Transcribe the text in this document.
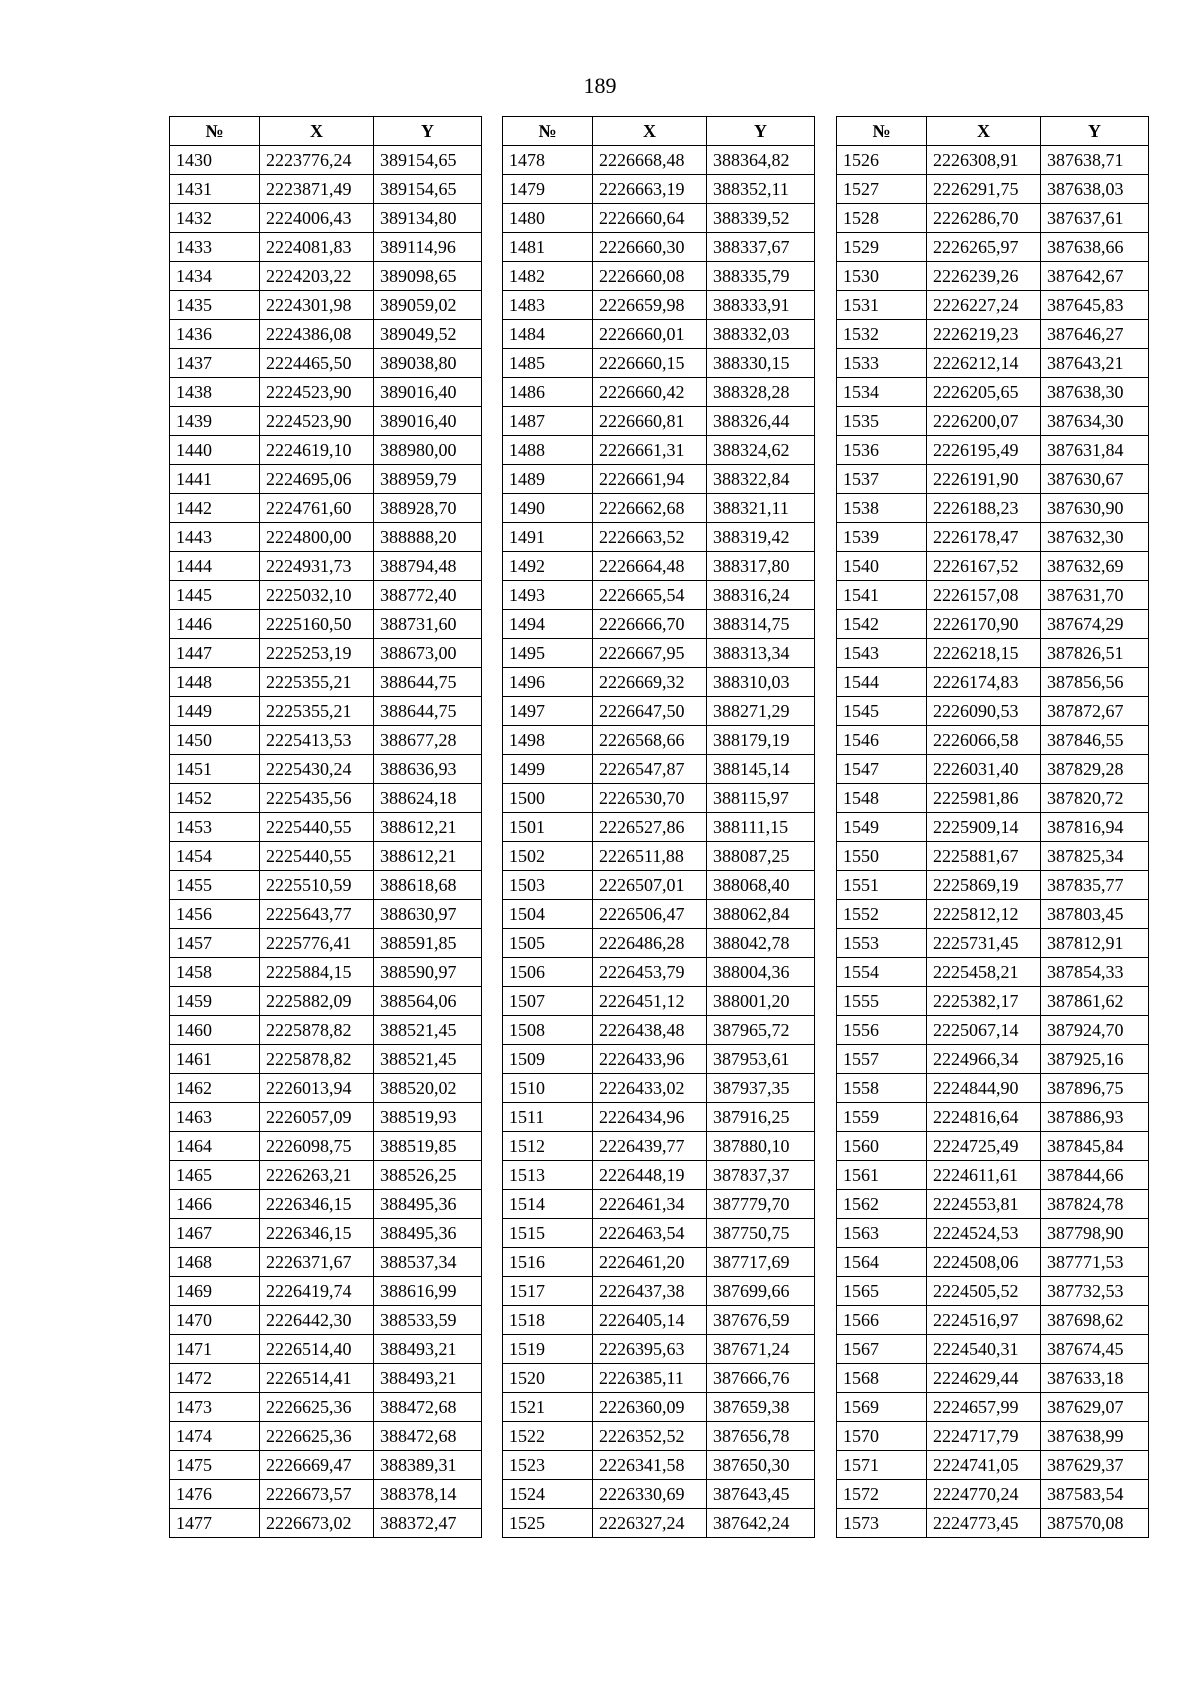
189
№	X	Y
1430	2223776,24	389154,65
1431	2223871,49	389154,65
1432	2224006,43	389134,80
1433	2224081,83	389114,96
1434	2224203,22	389098,65
1435	2224301,98	389059,02
1436	2224386,08	389049,52
1437	2224465,50	389038,80
1438	2224523,90	389016,40
1439	2224523,90	389016,40
1440	2224619,10	388980,00
1441	2224695,06	388959,79
1442	2224761,60	388928,70
1443	2224800,00	388888,20
1444	2224931,73	388794,48
1445	2225032,10	388772,40
1446	2225160,50	388731,60
1447	2225253,19	388673,00
1448	2225355,21	388644,75
1449	2225355,21	388644,75
1450	2225413,53	388677,28
1451	2225430,24	388636,93
1452	2225435,56	388624,18
1453	2225440,55	388612,21
1454	2225440,55	388612,21
1455	2225510,59	388618,68
1456	2225643,77	388630,97
1457	2225776,41	388591,85
1458	2225884,15	388590,97
1459	2225882,09	388564,06
1460	2225878,82	388521,45
1461	2225878,82	388521,45
1462	2226013,94	388520,02
1463	2226057,09	388519,93
1464	2226098,75	388519,85
1465	2226263,21	388526,25
1466	2226346,15	388495,36
1467	2226346,15	388495,36
1468	2226371,67	388537,34
1469	2226419,74	388616,99
1470	2226442,30	388533,59
1471	2226514,40	388493,21
1472	2226514,41	388493,21
1473	2226625,36	388472,68
1474	2226625,36	388472,68
1475	2226669,47	388389,31
1476	2226673,57	388378,14
1477	2226673,02	388372,47
№	X	Y
1478	2226668,48	388364,82
1479	2226663,19	388352,11
1480	2226660,64	388339,52
1481	2226660,30	388337,67
1482	2226660,08	388335,79
1483	2226659,98	388333,91
1484	2226660,01	388332,03
1485	2226660,15	388330,15
1486	2226660,42	388328,28
1487	2226660,81	388326,44
1488	2226661,31	388324,62
1489	2226661,94	388322,84
1490	2226662,68	388321,11
1491	2226663,52	388319,42
1492	2226664,48	388317,80
1493	2226665,54	388316,24
1494	2226666,70	388314,75
1495	2226667,95	388313,34
1496	2226669,32	388310,03
1497	2226647,50	388271,29
1498	2226568,66	388179,19
1499	2226547,87	388145,14
1500	2226530,70	388115,97
1501	2226527,86	388111,15
1502	2226511,88	388087,25
1503	2226507,01	388068,40
1504	2226506,47	388062,84
1505	2226486,28	388042,78
1506	2226453,79	388004,36
1507	2226451,12	388001,20
1508	2226438,48	387965,72
1509	2226433,96	387953,61
1510	2226433,02	387937,35
1511	2226434,96	387916,25
1512	2226439,77	387880,10
1513	2226448,19	387837,37
1514	2226461,34	387779,70
1515	2226463,54	387750,75
1516	2226461,20	387717,69
1517	2226437,38	387699,66
1518	2226405,14	387676,59
1519	2226395,63	387671,24
1520	2226385,11	387666,76
1521	2226360,09	387659,38
1522	2226352,52	387656,78
1523	2226341,58	387650,30
1524	2226330,69	387643,45
1525	2226327,24	387642,24
№	X	Y
1526	2226308,91	387638,71
1527	2226291,75	387638,03
1528	2226286,70	387637,61
1529	2226265,97	387638,66
1530	2226239,26	387642,67
1531	2226227,24	387645,83
1532	2226219,23	387646,27
1533	2226212,14	387643,21
1534	2226205,65	387638,30
1535	2226200,07	387634,30
1536	2226195,49	387631,84
1537	2226191,90	387630,67
1538	2226188,23	387630,90
1539	2226178,47	387632,30
1540	2226167,52	387632,69
1541	2226157,08	387631,70
1542	2226170,90	387674,29
1543	2226218,15	387826,51
1544	2226174,83	387856,56
1545	2226090,53	387872,67
1546	2226066,58	387846,55
1547	2226031,40	387829,28
1548	2225981,86	387820,72
1549	2225909,14	387816,94
1550	2225881,67	387825,34
1551	2225869,19	387835,77
1552	2225812,12	387803,45
1553	2225731,45	387812,91
1554	2225458,21	387854,33
1555	2225382,17	387861,62
1556	2225067,14	387924,70
1557	2224966,34	387925,16
1558	2224844,90	387896,75
1559	2224816,64	387886,93
1560	2224725,49	387845,84
1561	2224611,61	387844,66
1562	2224553,81	387824,78
1563	2224524,53	387798,90
1564	2224508,06	387771,53
1565	2224505,52	387732,53
1566	2224516,97	387698,62
1567	2224540,31	387674,45
1568	2224629,44	387633,18
1569	2224657,99	387629,07
1570	2224717,79	387638,99
1571	2224741,05	387629,37
1572	2224770,24	387583,54
1573	2224773,45	387570,08
